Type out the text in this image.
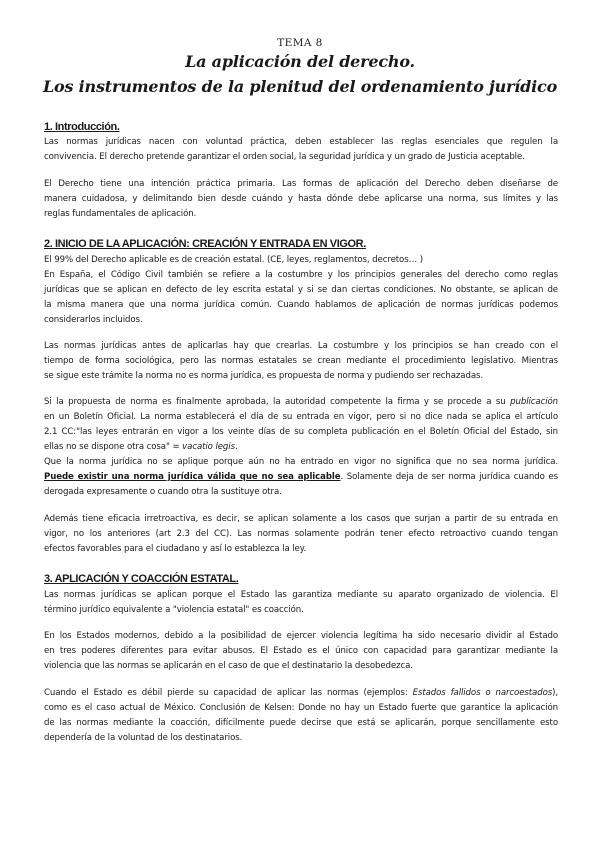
TEMA 8
La aplicación del derecho.
Los instrumentos de la plenitud del ordenamiento jurídico
1. Introducción.
Las normas jurídicas nacen con voluntad práctica, deben establecer las reglas esenciales que regulen la
convivencia. El derecho pretende garantizar el orden social, la seguridad jurídica y un grado de Justicia aceptable.
El Derecho tiene una intención práctica primaria. Las formas de aplicación del Derecho deben diseñarse de
manera cuidadosa, y delimitando bien desde cuándo y hasta dónde debe aplicarse una norma, sus límites y las
reglas fundamentales de aplicación.
2. INICIO DE LA APLICACIÓN: CREACIÓN Y ENTRADA EN VIGOR.
El 99% del Derecho aplicable es de creación estatal. (CE, leyes, reglamentos, decretos… )
En España, el Código Civil también se refiere a la costumbre y los principios generales del derecho como reglas
jurídicas que se aplican en defecto de ley escrita estatal y si se dan ciertas condiciones. No obstante, se aplican de
la misma manera que una norma jurídica común. Cuando hablamos de aplicación de normas jurídicas podemos
considerarlos incluidos.
Las normas jurídicas antes de aplicarlas hay que crearlas. La costumbre y los principios se han creado con el
tiempo de forma sociológica, pero las normas estatales se crean mediante el procedimiento legislativo. Mientras
se sigue este trámite la norma no es norma jurídica, es propuesta de norma y pudiendo ser rechazadas.
Si la propuesta de norma es finalmente aprobada, la autoridad competente la firma y se procede a su publicación
en un Boletín Oficial. La norma establecerá el día de su entrada en vigor, pero si no dice nada se aplica el artículo
2.1 CC:"las leyes entrarán en vigor a los veinte días de su completa publicación en el Boletín Oficial del Estado, sin
ellas no se dispone otra cosa" = vacatio legis.
Que la norma jurídica no se aplique porque aún no ha entrado en vigor no significa que no sea norma jurídica.
Puede existir una norma jurídica válida que no sea aplicable. Solamente deja de ser norma jurídica cuando es
derogada expresamente o cuando otra la sustituye otra.
Además tiene eficacia irretroactiva, es decir, se aplican solamente a los casos que surjan a partir de su entrada en
vigor, no los anteriores (art 2.3 del CC). Las normas solamente podrán tener efecto retroactivo cuando tengan
efectos favorables para el ciudadano y así lo establezca la ley.
3. APLICACIÓN Y COACCIÓN ESTATAL.
Las normas jurídicas se aplican porque el Estado las garantiza mediante su aparato organizado de violencia. El
término jurídico equivalente a "violencia estatal" es coacción.
En los Estados modernos, debido a la posibilidad de ejercer violencia legítima ha sido necesario dividir al Estado
en tres poderes diferentes para evitar abusos. El Estado es el único con capacidad para garantizar mediante la
violencia que las normas se aplicarán en el caso de que el destinatario la desobedezca.
Cuando el Estado es débil pierde su capacidad de aplicar las normas (ejemplos: Estados fallidos o narcoestados),
como es el caso actual de México. Conclusión de Kelsen: Donde no hay un Estado fuerte que garantice la aplicación
de las normas mediante la coacción, difícilmente puede decirse que está se aplicarán, porque sencillamente esto
dependería de la voluntad de los destinatarios.
